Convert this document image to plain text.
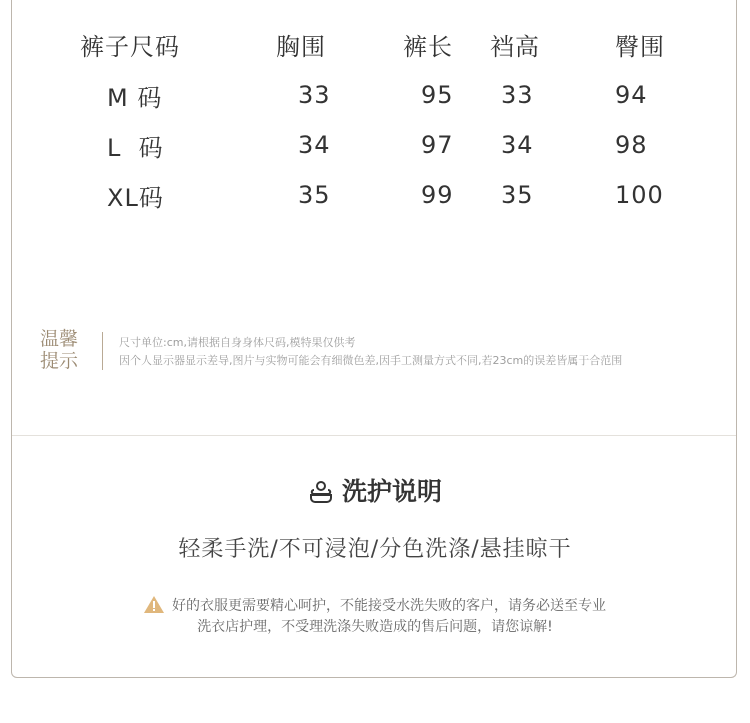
	裤子尺码	胸围	裤长	裆高	臀围
	M 码	33	95	33	94
	L  码	34	97	34	98
	XL码	35	99	35	100
温馨
提示
尺寸单位:cm,请根据自身身体尺码,模特果仅供考
因个人显示器显示差导,图片与实物可能会有细微色差,因手工测量方式不同,若23cm的误差皆属于合范围
洗护说明
轻柔手洗/不可浸泡/分色洗涤/悬挂晾干
好的衣服更需要精心呵护，不能接受水洗失败的客户，请务必送至专业
洗衣店护理，不受理洗涤失败造成的售后问题，请您谅解!
